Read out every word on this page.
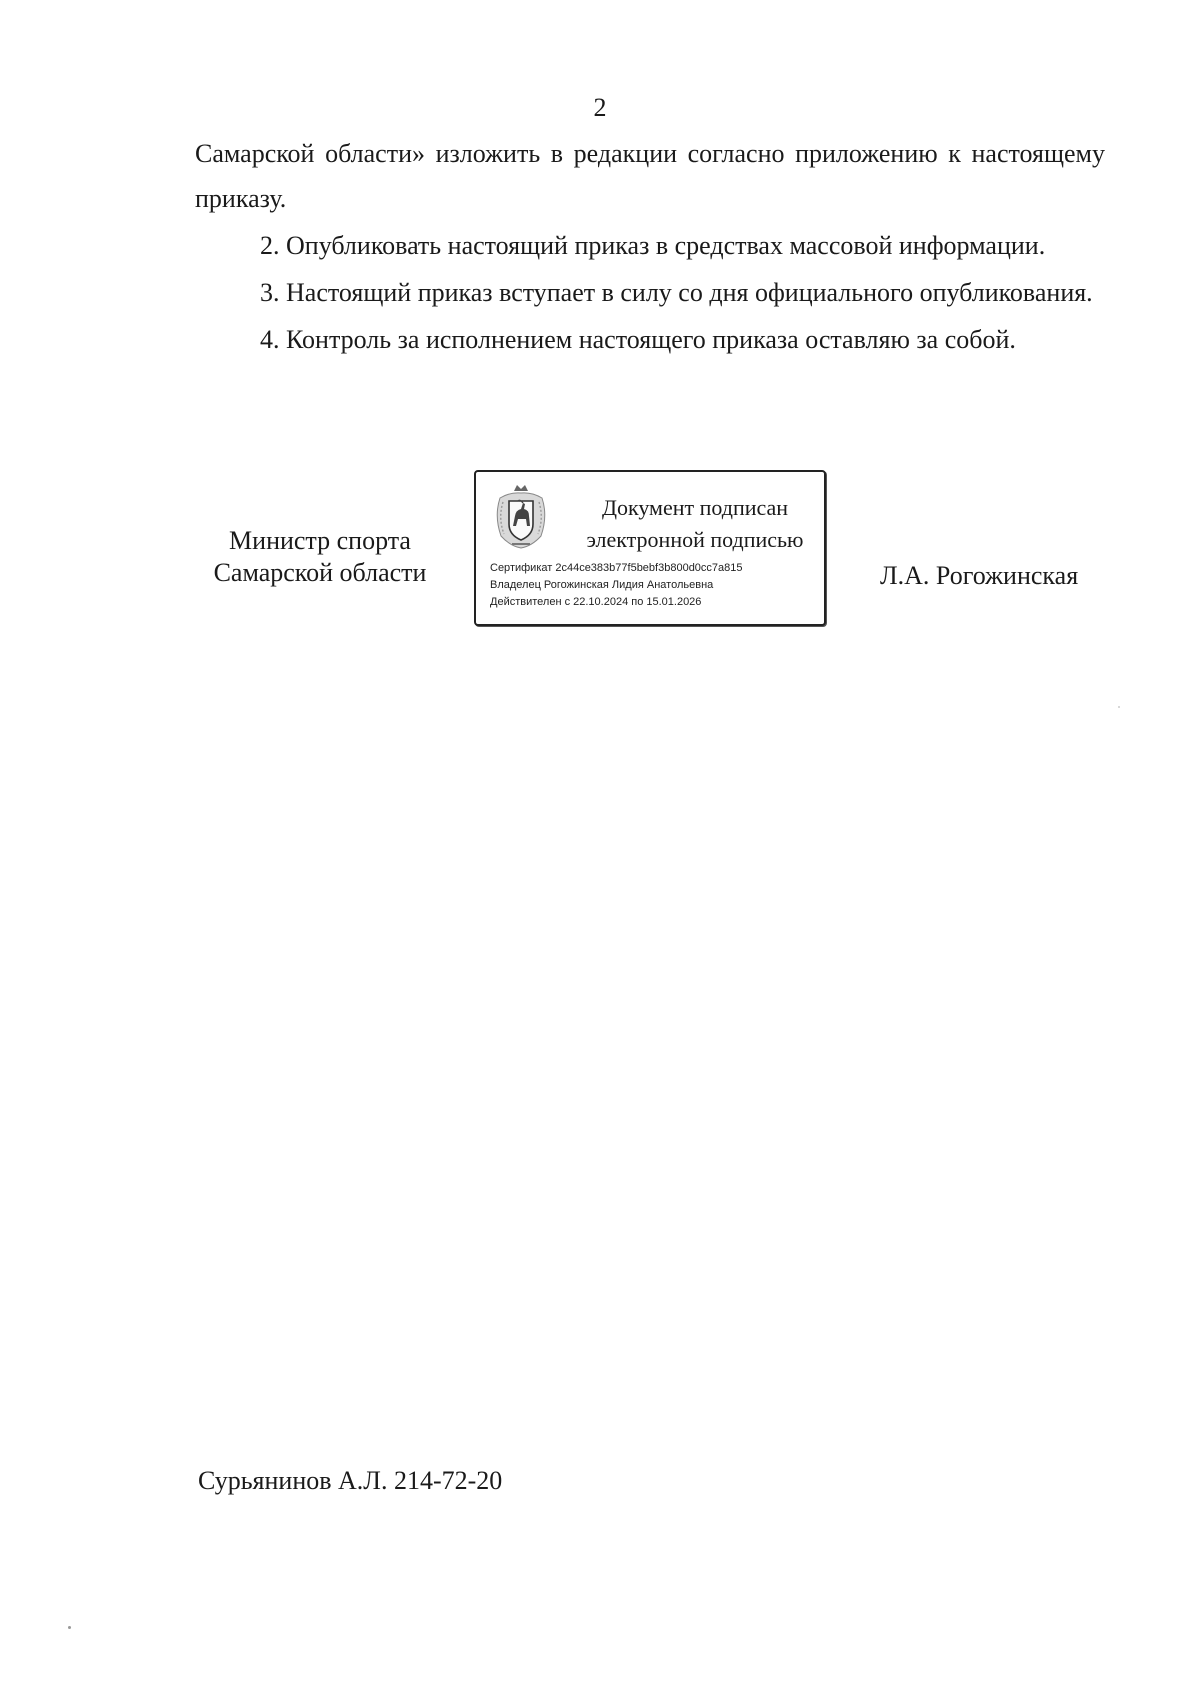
2

Самарской области» изложить в редакции согласно приложению к настоящему приказу.

2. Опубликовать настоящий приказ в средствах массовой информации.

3. Настоящий приказ вступает в силу со дня официального опубликования.

4. Контроль за исполнением настоящего приказа оставляю за собой.

Министр спорта
Самарской области
Документ подписан
электронной подписью
Сертификат 2c44ce383b77f5bebf3b800d0cc7a815
Владелец Рогожинская Лидия Анатольевна
Действителен с 22.10.2024 по 15.01.2026
Л.А. Рогожинская
Сурьянинов А.Л. 214-72-20
